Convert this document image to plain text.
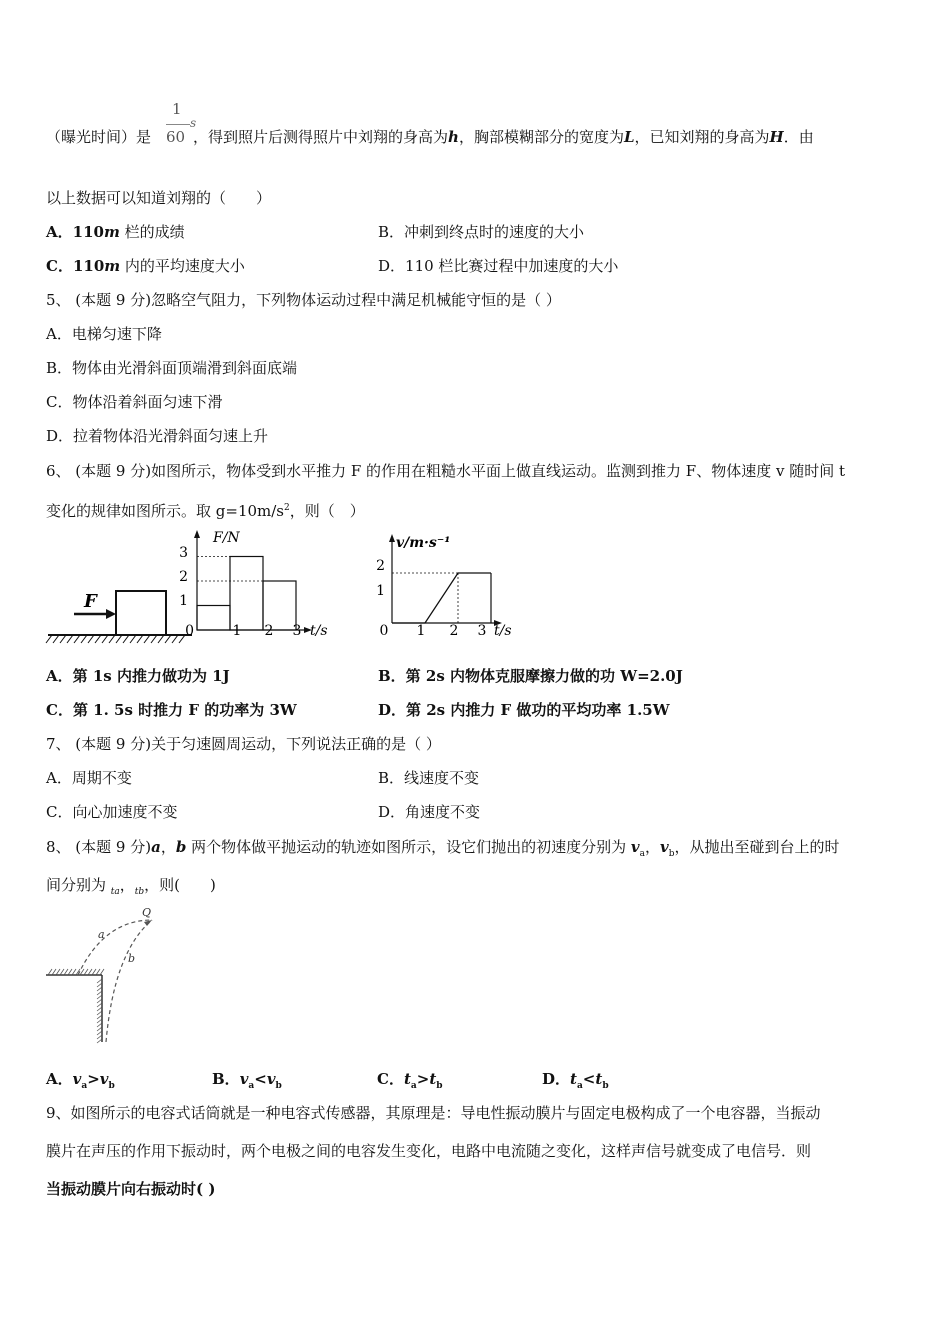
1
60
s
（曝光时间）是	，得到照片后测得照片中刘翔的身高为h，胸部模糊部分的宽度为L，已知刘翔的身高为H．由
以上数据可以知道刘翔的（　　）
A．110m 栏的成绩	B．冲刺到终点时的速度的大小
C．110m 内的平均速度大小	D．110 栏比赛过程中加速度的大小
5、 (本题 9 分)忽略空气阻力，下列物体运动过程中满足机械能守恒的是（ ）
A．电梯匀速下降
B．物体由光滑斜面顶端滑到斜面底端
C．物体沿着斜面匀速下滑
D．拉着物体沿光滑斜面匀速上升
6、 (本题 9 分)如图所示，物体受到水平推力 F 的作用在粗糙水平面上做直线运动。监测到推力 F、物体速度 v 随时间 t
变化的规律如图所示。取 $g=10m/s^2$，则（　）
F
F/N
3
2
1
0	1 2 3 t/s
v/m·s⁻¹
2
1
0 1 2 3 t/s
A．第 1s 内推力做功为 1J	B．第 2s 内物体克服摩擦力做的功 W=2.0J
C．第 1. 5s 时推力 F 的功率为 3W	D．第 2s 内推力 F 做功的平均功率 1.5W
7、 (本题 9 分)关于匀速圆周运动，下列说法正确的是（ ）
A．周期不变	B．线速度不变
C．向心加速度不变	D．角速度不变
8、 (本题 9 分)a，b 两个物体做平抛运动的轨迹如图所示，设它们抛出的初速度分别为 $v_a$，$v_b$，从抛出至碰到台上的时
间分别为 $_{ta}$，$_{tb}$，则(　　)
Q
a
b
A．$v_a>v_b$	B．$v_a<v_b$	C．$t_a>t_b$	D．$t_a<t_b$
9、如图所示的电容式话筒就是一种电容式传感器，其原理是：导电性振动膜片与固定电极构成了一个电容器，当振动
膜片在声压的作用下振动时，两个电极之间的电容发生变化，电路中电流随之变化，这样声信号就变成了电信号．则
当振动膜片向右振动时( )
